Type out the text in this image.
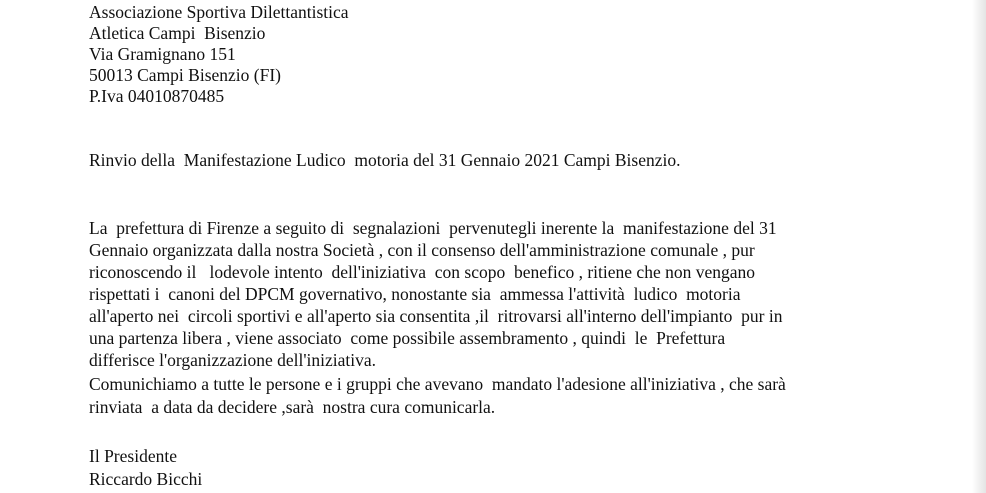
Associazione Sportiva Dilettantistica
Atletica Campi  Bisenzio
Via Gramignano 151
50013 Campi Bisenzio (FI)
P.Iva 04010870485
Rinvio della  Manifestazione Ludico  motoria del 31 Gennaio 2021 Campi Bisenzio.
La  prefettura di Firenze a seguito di  segnalazioni  pervenutegli inerente la  manifestazione del 31
Gennaio organizzata dalla nostra Società , con il consenso dell'amministrazione comunale , pur
riconoscendo il   lodevole intento  dell'iniziativa  con scopo  benefico , ritiene che non vengano
rispettati i  canoni del DPCM governativo, nonostante sia  ammessa l'attività  ludico  motoria
all'aperto nei  circoli sportivi e all'aperto sia consentita ,il  ritrovarsi all'interno dell'impianto  pur in
una partenza libera , viene associato  come possibile assembramento , quindi  le  Prefettura
differisce l'organizzazione dell'iniziativa.
Comunichiamo a tutte le persone e i gruppi che avevano  mandato l'adesione all'iniziativa , che sarà
rinviata  a data da decidere ,sarà  nostra cura comunicarla.
Il Presidente
Riccardo Bicchi
